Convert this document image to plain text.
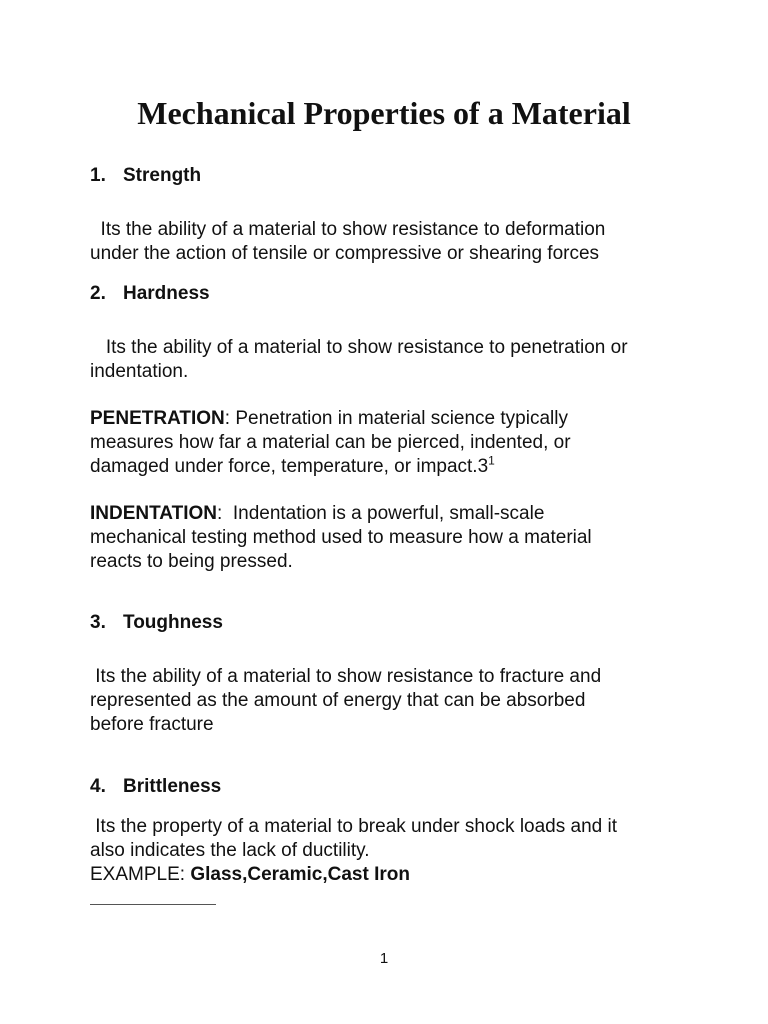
Mechanical Properties of a Material
1. Strength
Its the ability of a material to show resistance to deformation
under the action of tensile or compressive or shearing forces
2. Hardness
Its the ability of a material to show resistance to penetration or
indentation.
PENETRATION: Penetration in material science typically
measures how far a material can be pierced, indented, or
damaged under force, temperature, or $impact.3^1$
INDENTATION:  Indentation is a powerful, small-scale
mechanical testing method used to measure how a material
reacts to being pressed.
3. Toughness
Its the ability of a material to show resistance to fracture and
represented as the amount of energy that can be absorbed
before fracture
4. Brittleness
Its the property of a material to break under shock loads and it
also indicates the lack of ductility.
EXAMPLE: Glass,Ceramic,Cast Iron
1
